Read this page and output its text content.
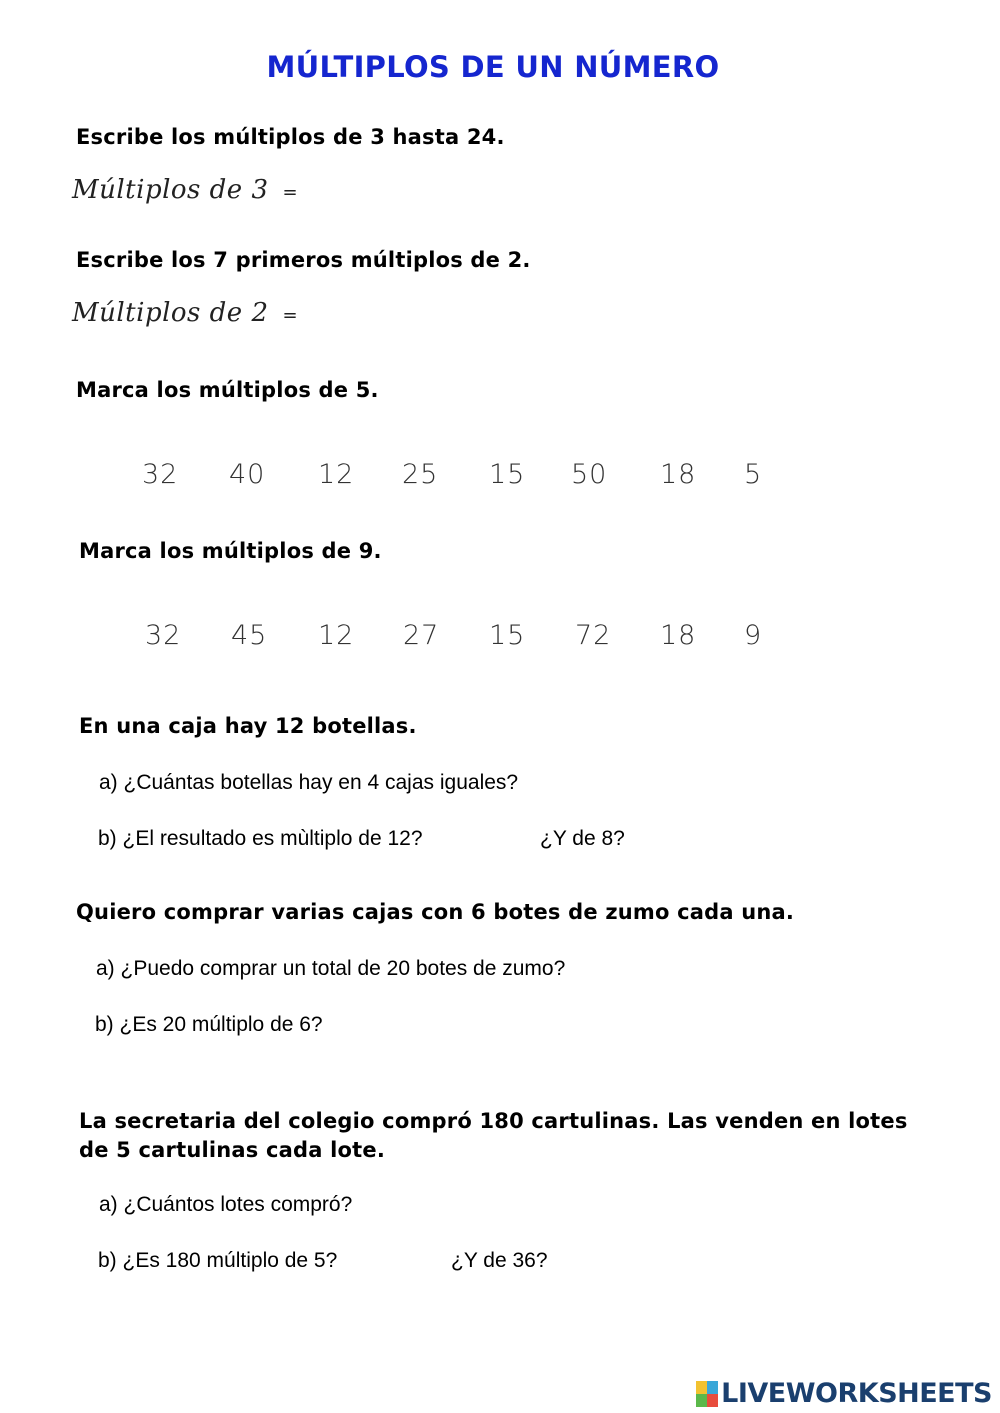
MÚLTIPLOS DE UN NÚMERO
Escribe los múltiplos de 3 hasta 24.
Múltiplos de 3 =
Escribe los 7 primeros múltiplos de 2.
Múltiplos de 2 =
Marca los múltiplos de 5.
32 40 12 25 15 50 18 5
Marca los múltiplos de 9.
32 45 12 27 15 72 18 9
En una caja hay 12 botellas.
a) ¿Cuántas botellas hay en 4 cajas iguales?
b) ¿El resultado es mùltiplo de 12?	¿Y de 8?
Quiero comprar varias cajas con 6 botes de zumo cada una.
a) ¿Puedo comprar un total de 20 botes de zumo?
b) ¿Es 20 múltiplo de 6?
La secretaria del colegio compró 180 cartulinas. Las venden en lotes de 5 cartulinas cada lote.
a) ¿Cuántos lotes compró?
b) ¿Es 180 múltiplo de 5?	¿Y de 36?
LIVEWORKSHEETS
